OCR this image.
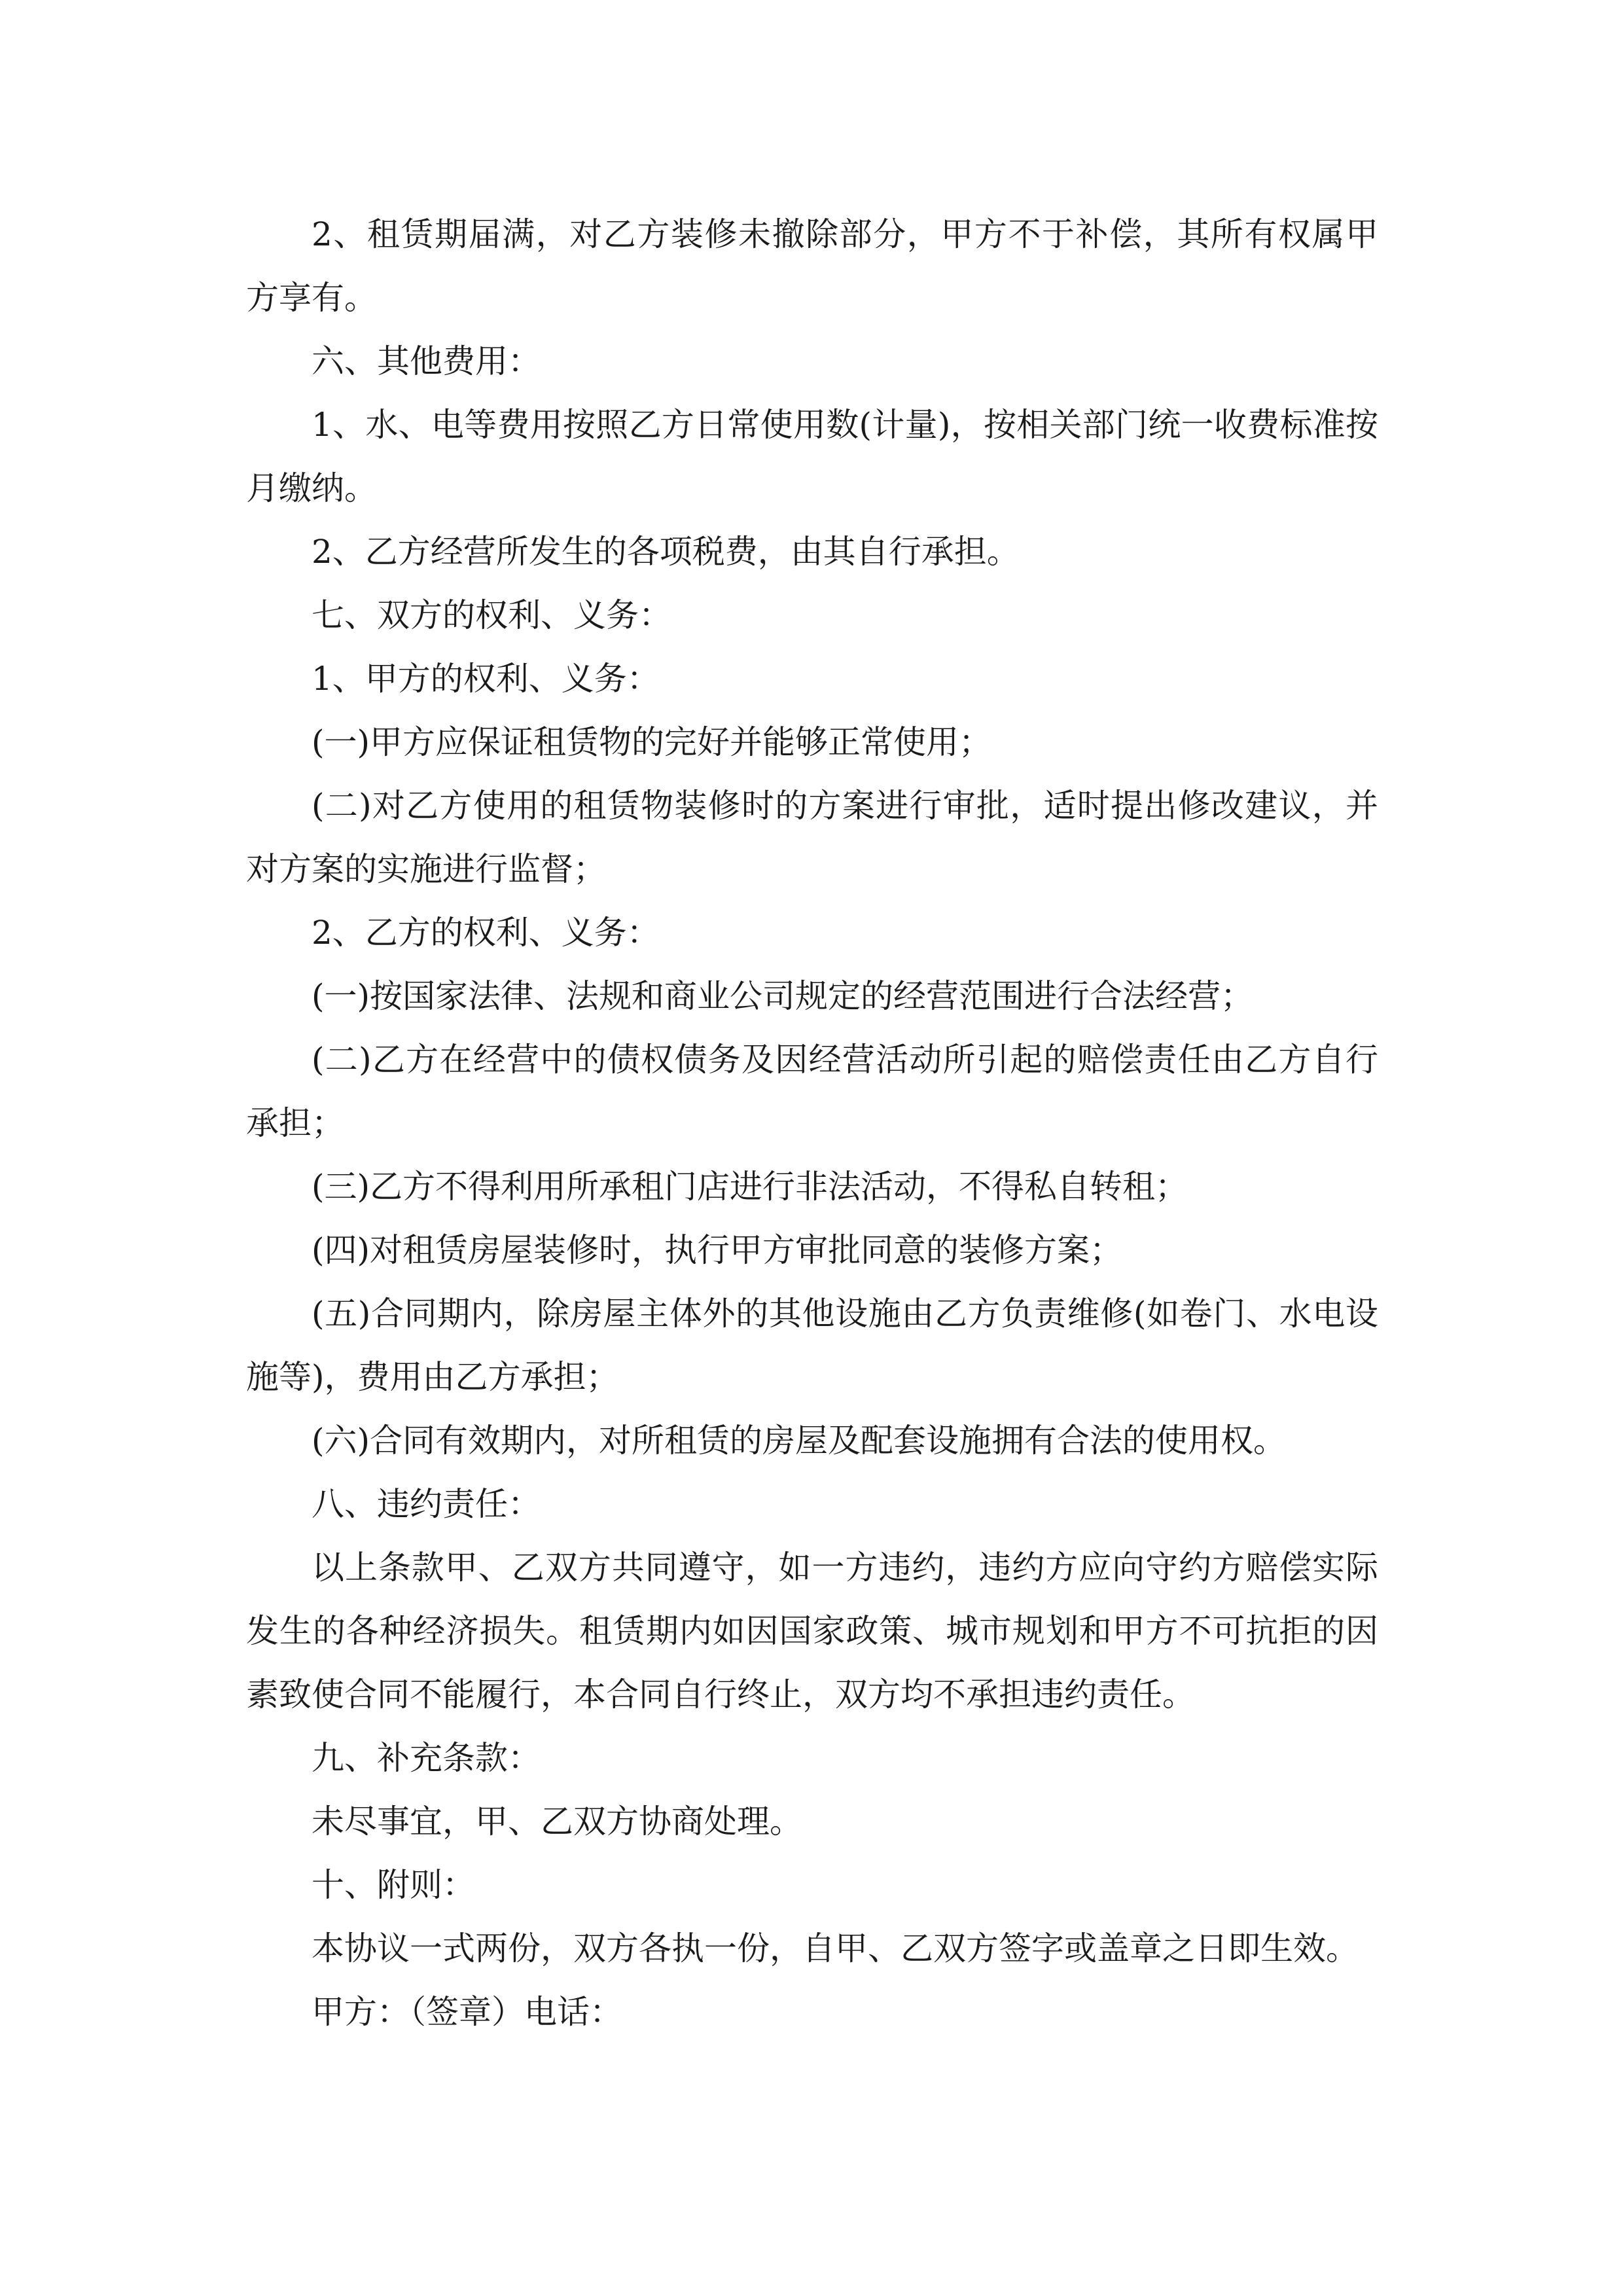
2、租赁期届满，对乙方装修未撤除部分，甲方不于补偿，其所有权属甲方享有。

六、其他费用：

1、水、电等费用按照乙方日常使用数(计量)，按相关部门统一收费标准按月缴纳。

2、乙方经营所发生的各项税费，由其自行承担。

七、双方的权利、义务：

1、甲方的权利、义务：

(一)甲方应保证租赁物的完好并能够正常使用；

(二)对乙方使用的租赁物装修时的方案进行审批，适时提出修改建议，并对方案的实施进行监督；

2、乙方的权利、义务：

(一)按国家法律、法规和商业公司规定的经营范围进行合法经营；

(二)乙方在经营中的债权债务及因经营活动所引起的赔偿责任由乙方自行承担；

(三)乙方不得利用所承租门店进行非法活动，不得私自转租；

(四)对租赁房屋装修时，执行甲方审批同意的装修方案；

(五)合同期内，除房屋主体外的其他设施由乙方负责维修(如卷门、水电设施等)，费用由乙方承担；

(六)合同有效期内，对所租赁的房屋及配套设施拥有合法的使用权。

八、违约责任：

以上条款甲、乙双方共同遵守，如一方违约，违约方应向守约方赔偿实际发生的各种经济损失。租赁期内如因国家政策、城市规划和甲方不可抗拒的因素致使合同不能履行，本合同自行终止，双方均不承担违约责任。

九、补充条款：

未尽事宜，甲、乙双方协商处理。

十、附则：

本协议一式两份，双方各执一份，自甲、乙双方签字或盖章之日即生效。

甲方：（签章）电话：
